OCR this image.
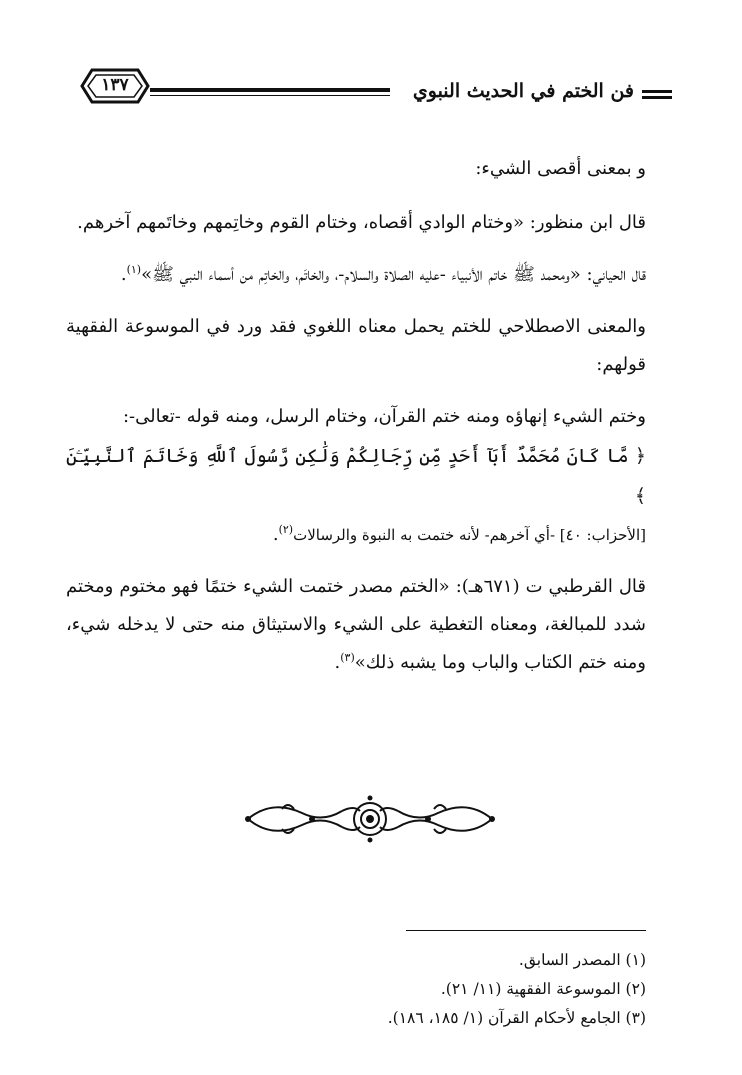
فن الختم في الحديث النبوي
١٣٧

و بمعنى أقصى الشيء:

قال ابن منظور: «وختام الوادي أقصاه، وختام القوم وخاتِمهم وخاتَمهم آخرهم.

قال الحياني: «ومحمد ﷺ خاتم الأنبياء -عليه الصلاة والسلام-، والخاتَم، والخاتِم من أسماء النبي ﷺ»$^{(١)}$.

والمعنى الاصطلاحي للختم يحمل معناه اللغوي فقد ورد في الموسوعة الفقهية قولهم:

وختم الشيء إنهاؤه ومنه ختم القرآن، وختام الرسل، ومنه قوله -تعالى-:
﴿ مَّا كَانَ مُحَمَّدٌ أَبَآ أَحَدٍ مِّن رِّجَالِكُمْ وَلَٰكِن رَّسُولَ ٱللَّهِ وَخَاتَمَ ٱلنَّبِيِّـۧنَ ﴾
[الأحزاب: ٤٠] -أي آخرهم- لأنه ختمت به النبوة والرسالات$^{(٢)}$.

قال القرطبي ت (٦٧١هـ): «الختم مصدر ختمت الشيء ختمًا فهو مختوم ومختم شدد للمبالغة، ومعناه التغطية على الشيء والاستيثاق منه حتى لا يدخله شيء، ومنه ختم الكتاب والباب وما يشبه ذلك»$^{(٣)}$.

(١) المصدر السابق.
(٢) الموسوعة الفقهية (١١/ ٢١).
(٣) الجامع لأحكام القرآن (١/ ١٨٥، ١٨٦).
